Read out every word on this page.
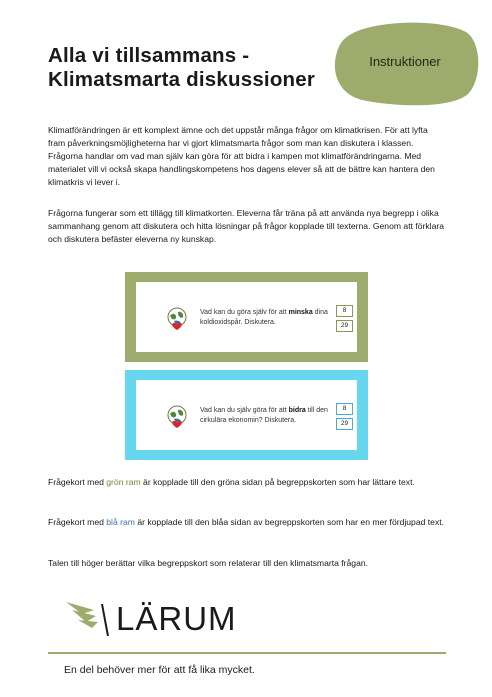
Alla vi tillsammans -
Klimatsmarta diskussioner
Instruktioner
Klimatförändringen är ett komplext ämne och det uppstår många frågor om klimatkrisen. För att lyfta fram påverkningsmöjligheterna har vi gjort klimatsmarta frågor som man kan diskutera i klassen. Frågorna handlar om vad man själv kan göra för att bidra i kampen mot klimatförändringarna. Med materialet vill vi också skapa handlingskompetens hos dagens elever så att de bättre kan hantera den klimatkris vi lever i.
Frågorna fungerar som ett tillägg till klimatkorten. Eleverna får träna på att använda nya begrepp i olika sammanhang genom att diskutera och hitta lösningar på frågor kopplade till texterna. Genom att förklara och diskutera befäster eleverna ny kunskap.
Vad kan du göra själv för att minska dina koldioxidspår. Diskutera.
8
29
Vad kan du själv göra för att bidra till den cirkulära ekonomin? Diskutera.
8
29
Frågekort med grön ram är kopplade till den gröna sidan på begreppskorten som har lättare text.
Frågekort med blå ram är kopplade till den blåa sidan av begreppskorten som har en mer fördjupad text.
Talen till höger berättar vilka begreppskort som relaterar till den klimatsmarta frågan.
LÄRUM
En del behöver mer för att få lika mycket.
